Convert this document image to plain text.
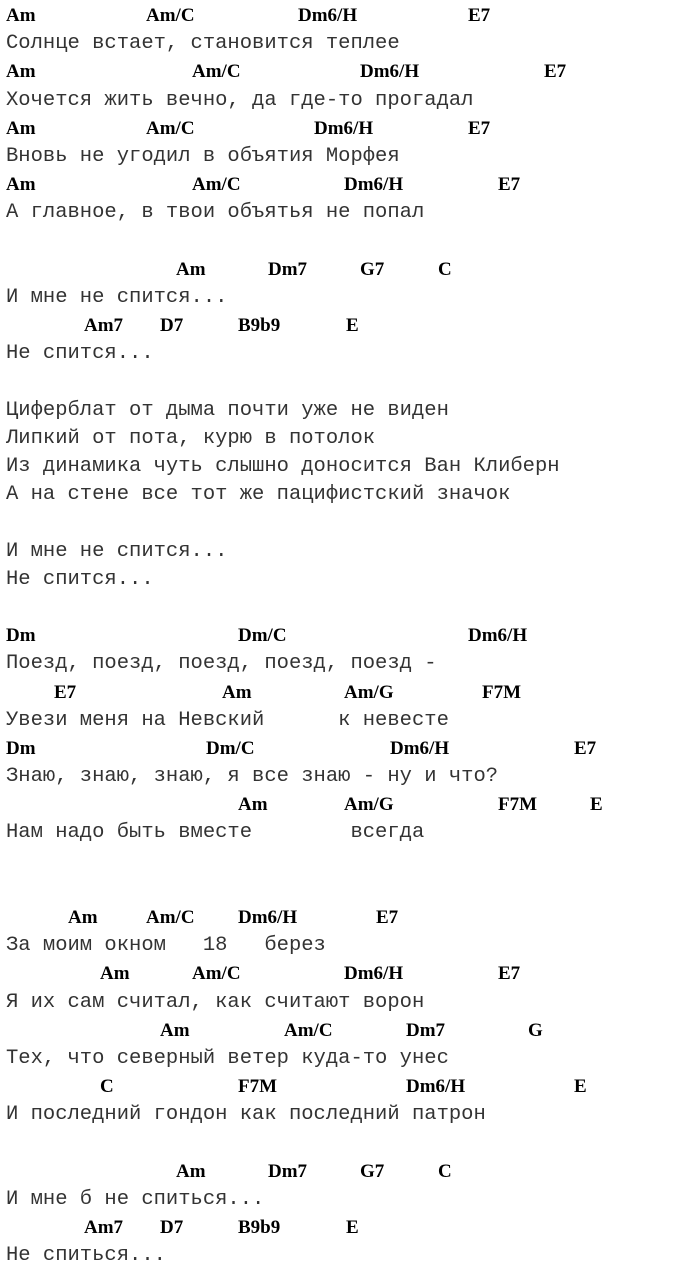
Am	Am/C	Dm6/H	E7
Солнце встает, становится теплее
Am	Am/C	Dm6/H	E7
Хочется жить вечно, да где-то прогадал
Am	Am/C	Dm6/H	E7
Вновь не угодил в объятия Морфея
Am	Am/C	Dm6/H	E7
А главное, в твои объятья не попал
Am	Dm7	G7	C
И мне не спится...
Am7 D7	B9b9	E
Не спится...
Циферблат от дыма почти уже не виден
Липкий от пота, курю в потолок
Из динамика чуть слышно доносится Ван Клиберн
А на стене все тот же пацифистский значок
И мне не спится...
Не спится...
Dm	Dm/C	Dm6/H
Поезд, поезд, поезд, поезд, поезд -
E7	Am	Am/G	F7M
Увези меня на Невский      к невесте
Dm	Dm/C	Dm6/H	E7
Знаю, знаю, знаю, я все знаю - ну и что?
Am	Am/G	F7M	E
Нам надо быть вместе        всегда
Am	Am/C Dm6/H	E7
За моим окном   18   берез
Am	Am/C	Dm6/H	E7
Я их сам считал, как считают ворон
Am	Am/C	Dm7	G
Тех, что северный ветер куда-то унес
C	F7M	Dm6/H	E
И последний гондон как последний патрон
Am	Dm7	G7	C
И мне б не спиться...
Am7 D7	B9b9	E
Не спиться...
